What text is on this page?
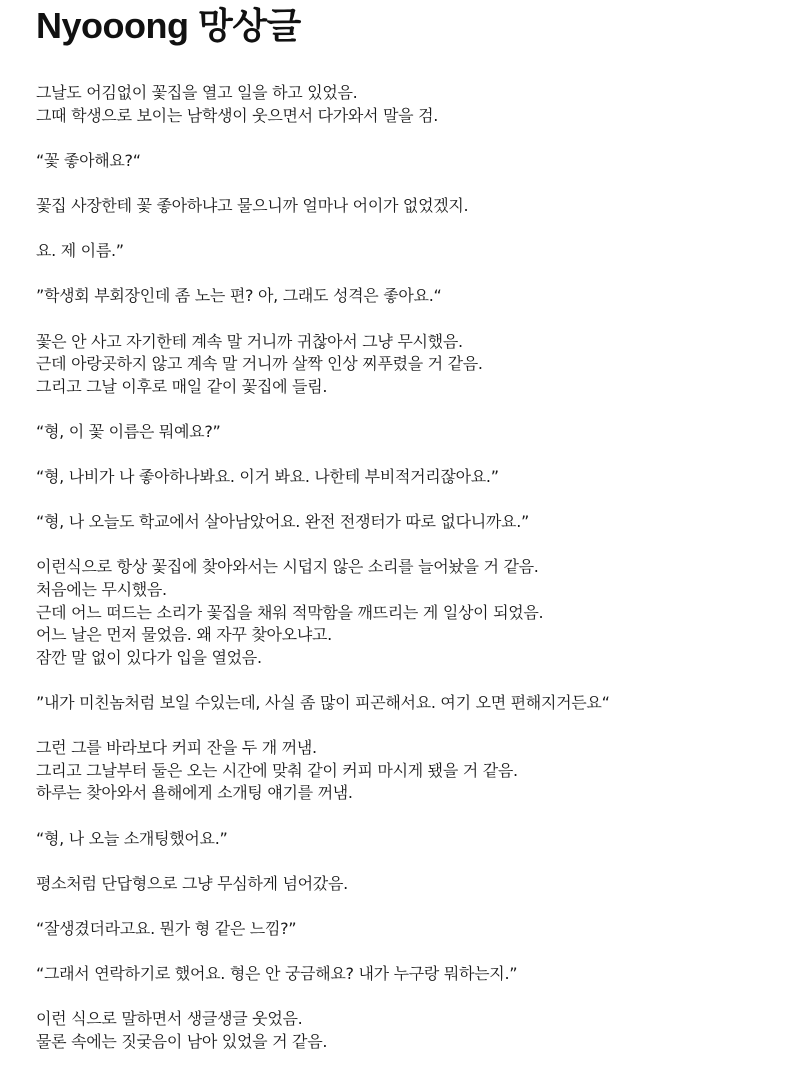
Nyooong 망상글

그날도 어김없이 꽃집을 열고 일을 하고 있었음.
그때 학생으로 보이는 남학생이 웃으면서 다가와서 말을 검.

“꽃 좋아해요?“

꽃집 사장한테 꽃 좋아하냐고 물으니까 얼마나 어이가 없었겠지.

요. 제 이름.”

”학생회 부회장인데 좀 노는 편? 아, 그래도 성격은 좋아요.“

꽃은 안 사고 자기한테 계속 말 거니까 귀찮아서 그냥 무시했음.
근데 아랑곳하지 않고 계속 말 거니까 살짝 인상 찌푸렸을 거 같음.
그리고 그날 이후로 매일 같이 꽃집에 들림.

“형, 이 꽃 이름은 뭐예요?”

“형, 나비가 나 좋아하나봐요. 이거 봐요. 나한테 부비적거리잖아요.”

“형, 나 오늘도 학교에서 살아남았어요. 완전 전쟁터가 따로 없다니까요.”

이런식으로 항상 꽃집에 찾아와서는 시덥지 않은 소리를 늘어놨을 거 같음.
처음에는 무시했음.
근데 어느 떠드는 소리가 꽃집을 채워 적막함을 깨뜨리는 게 일상이 되었음.
어느 날은 먼저 물었음. 왜 자꾸 찾아오냐고.
잠깐 말 없이 있다가 입을 열었음.

”내가 미친놈처럼 보일 수있는데, 사실 좀 많이 피곤해서요. 여기 오면 편해지거든요“

그런 그를 바라보다 커피 잔을 두 개 꺼냄.
그리고 그날부터 둘은 오는 시간에 맞춰 같이 커피 마시게 됐을 거 같음.
하루는 찾아와서 욜해에게 소개팅 얘기를 꺼냄.

“형, 나 오늘 소개팅했어요.”

평소처럼 단답형으로 그냥 무심하게 넘어갔음.

“잘생겼더라고요. 뭔가 형 같은 느낌?”

“그래서 연락하기로 했어요. 형은 안 궁금해요? 내가 누구랑 뭐하는지.”

이런 식으로 말하면서 생글생글 웃었음.
물론 속에는 짓궂음이 남아 있었을 거 같음.
